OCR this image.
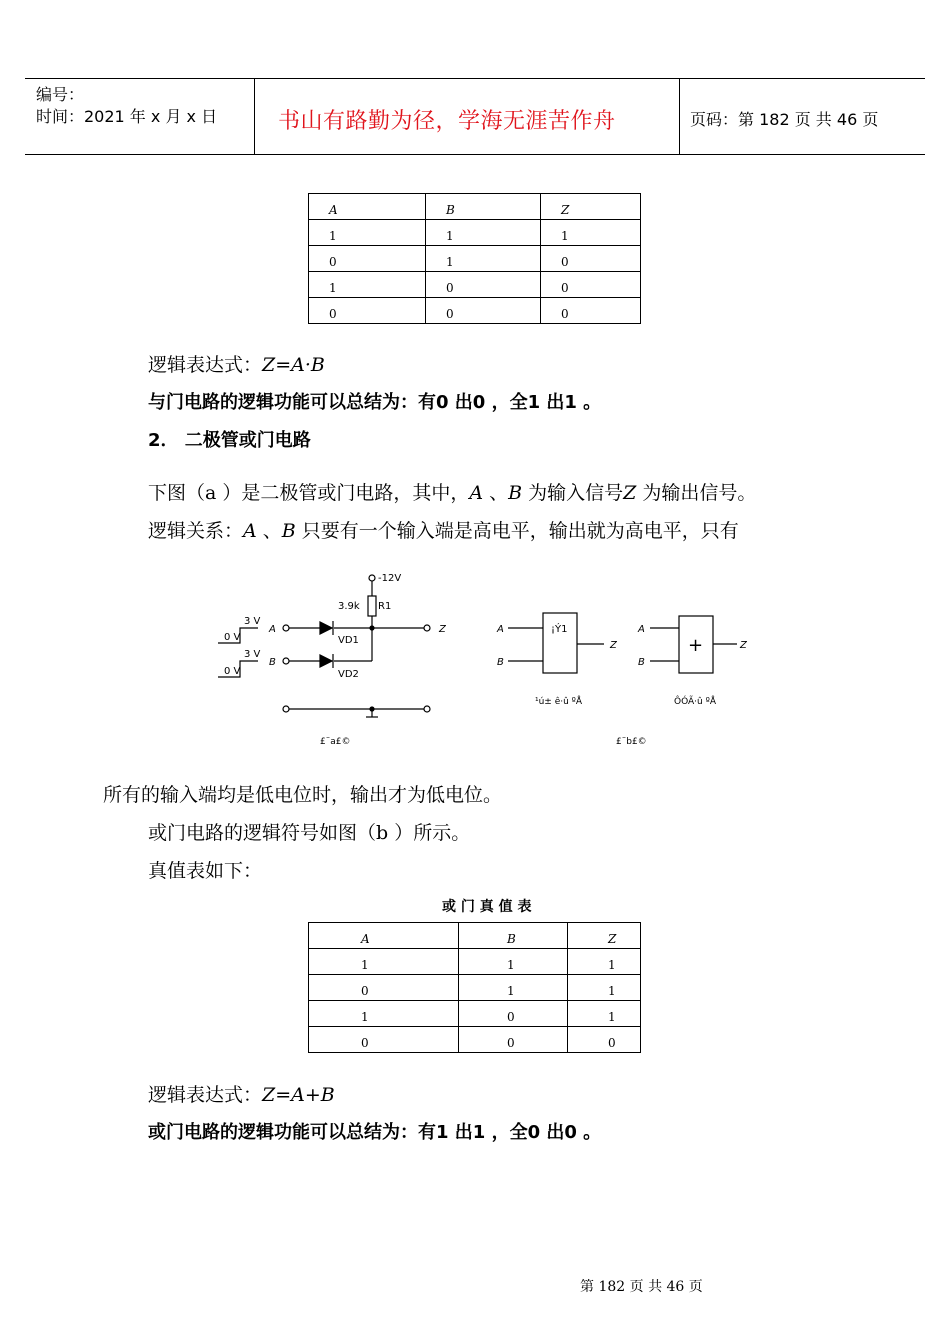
编号：
时间：2021 年 x 月 x 日	书山有路勤为径，学海无涯苦作舟	页码：第 182 页 共 46 页
A	B	Z
1	1	1
0	1	0
1	0	0
0	0	0
逻辑表达式：Z=A·B
与门电路的逻辑功能可以总结为：有0 出0 ，全1 出1 。
2． 二极管或门电路
下图（a ）是二极管或门电路，其中，A 、B 为输入信号Z 为输出信号。
逻辑关系：A 、B 只要有一个输入端是高电平，输出就为高电平，只有
-12V
3.9k R1
VD1
VD2
A
B
Z
3 V
0 V
3 V
0 V
A
B
Z
¡Ý1	A
B
Z
+
¹ú± ê·û ºÅ	ÔÓÃ·û ºÅ
£¨a£©	£¨b£©
所有的输入端均是低电位时，输出才为低电位。
或门电路的逻辑符号如图（b ）所示。
真值表如下：
或 门 真 值 表
A	B	Z
1	1	1
0	1	1
1	0	1
0	0	0
逻辑表达式：Z=A+B
或门电路的逻辑功能可以总结为：有1 出1 ，全0 出0 。
第 182 页 共 46 页
